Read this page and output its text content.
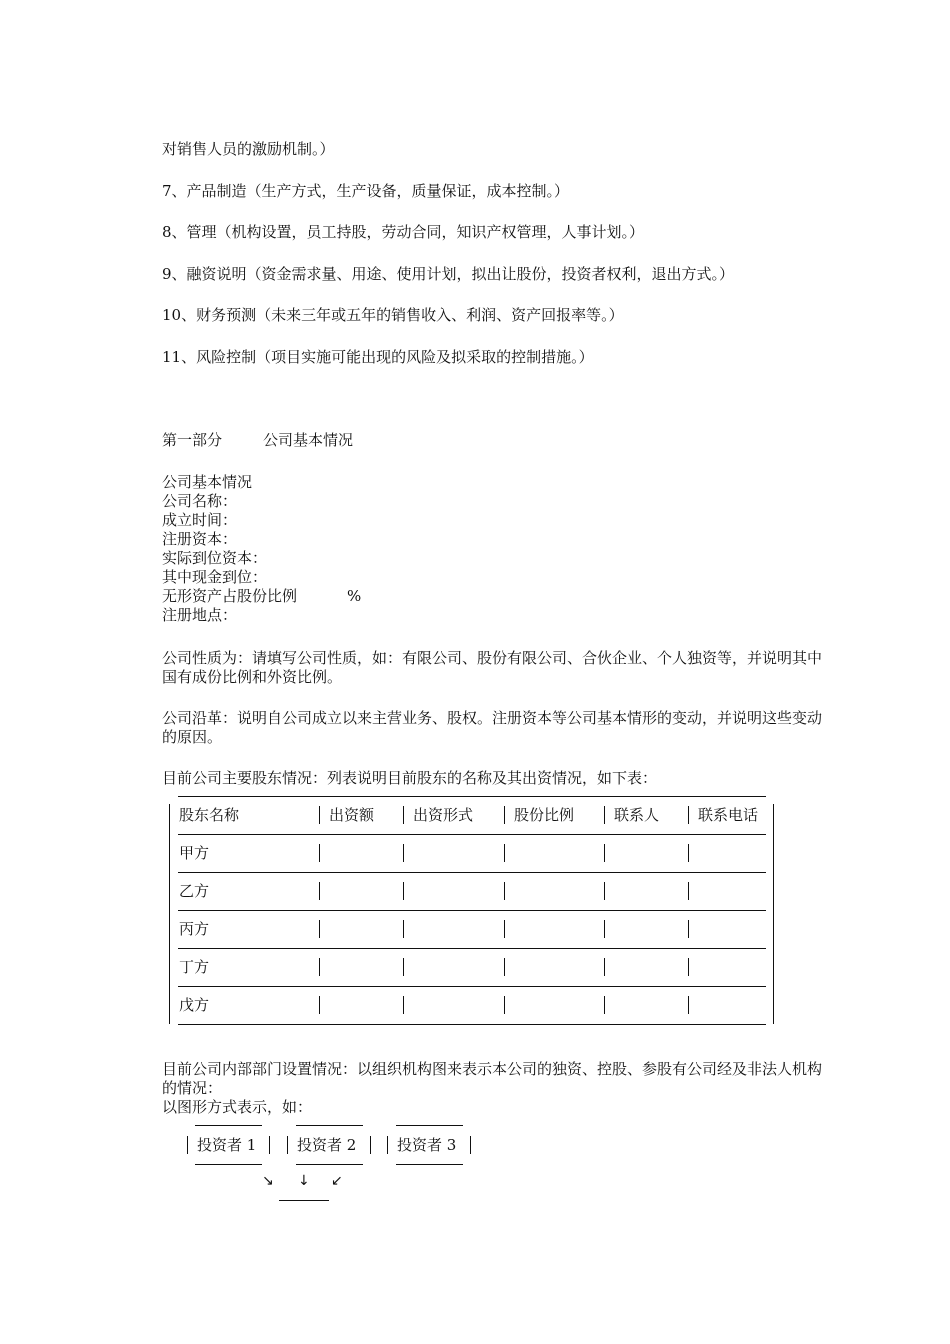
对销售人员的激励机制。）
7、产品制造（生产方式，生产设备，质量保证，成本控制。）
8、管理（机构设置，员工持股，劳动合同，知识产权管理，人事计划。）
9、融资说明（资金需求量、用途、使用计划，拟出让股份，投资者权利，退出方式。）
10、财务预测（未来三年或五年的销售收入、利润、资产回报率等。）
11、风险控制（项目实施可能出现的风险及拟采取的控制措施。）
第一部分	公司基本情况
公司基本情况
公司名称：
成立时间：
注册资本：
实际到位资本：
其中现金到位：
无形资产占股份比例	%
注册地点：
公司性质为：请填写公司性质，如：有限公司、股份有限公司、合伙企业、个人独资等，并说明其中国有成份比例和外资比例。
公司沿革：说明自公司成立以来主营业务、股权。注册资本等公司基本情形的变动，并说明这些变动的原因。
目前公司主要股东情况：列表说明目前股东的名称及其出资情况，如下表：
股东名称	出资额	出资形式	股份比例	联系人	联系电话
甲方
乙方
丙方
丁方
戊方
目前公司内部部门设置情况：以组织机构图来表示本公司的独资、控股、参股有公司经及非法人机构的情况：
以图形方式表示，如：
投资者 1	投资者 2	投资者 3
↘ ↓ ↙
